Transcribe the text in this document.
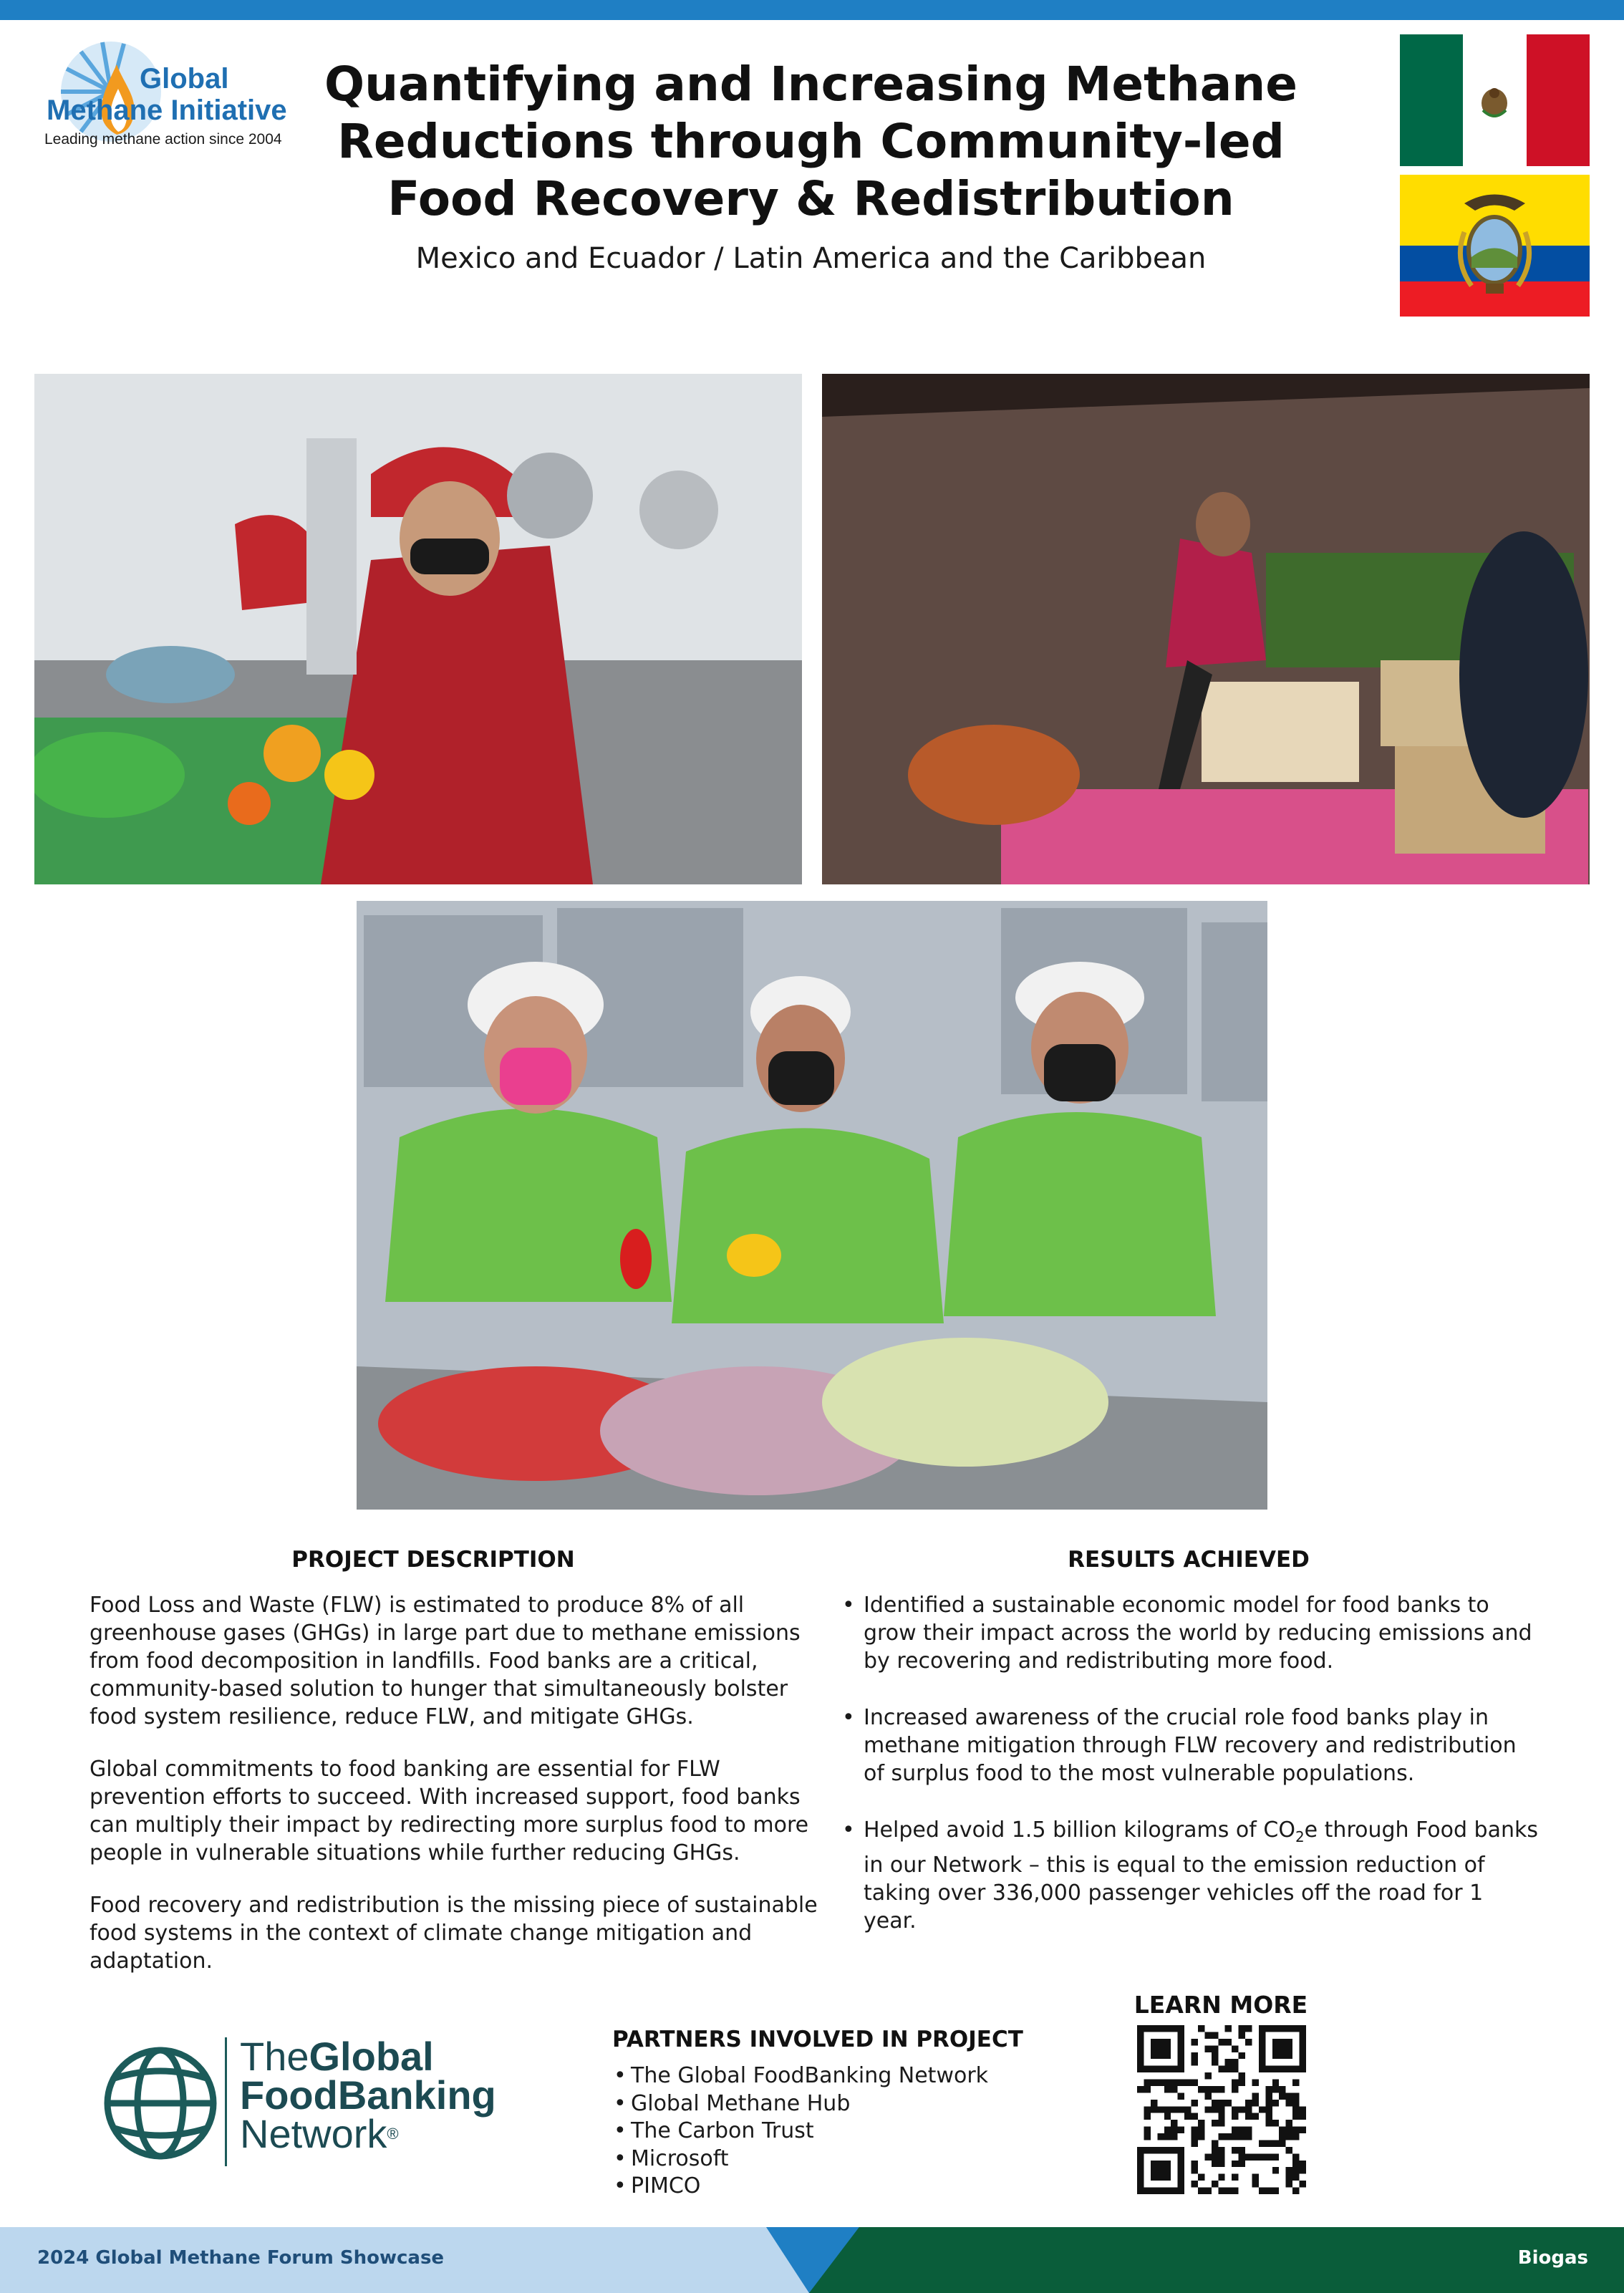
Global
Methane Initiative
Leading methane action since 2004
Quantifying and Increasing Methane
Reductions through Community-led
Food Recovery & Redistribution
Mexico and Ecuador / Latin America and the Caribbean
PROJECT DESCRIPTION

Food Loss and Waste (FLW) is estimated to produce 8% of all greenhouse gases (GHGs) in large part due to methane emissions from food decomposition in landfills. Food banks are a critical, community-based solution to hunger that simultaneously bolster food system resilience, reduce FLW, and mitigate GHGs.

Global commitments to food banking are essential for FLW prevention efforts to succeed. With increased support, food banks can multiply their impact by redirecting more surplus food to more people in vulnerable situations while further reducing GHGs.

Food recovery and redistribution is the missing piece of sustainable food systems in the context of climate change mitigation and adaptation.

RESULTS ACHIEVED
• Identified a sustainable economic model for food banks to grow their impact across the world by reducing emissions and by recovering and redistributing more food.
• Increased awareness of the crucial role food banks play in methane mitigation through FLW recovery and redistribution of surplus food to the most vulnerable populations.
• Helped avoid 1.5 billion kilograms of $CO_2e$ through Food banks in our Network – this is equal to the emission reduction of taking over 336,000 passenger vehicles off the road for 1 year.
TheGlobal
FoodBanking
Network®
PARTNERS INVOLVED IN PROJECT
• The Global FoodBanking Network
• Global Methane Hub
• The Carbon Trust
• Microsoft
• PIMCO
LEARN MORE
2024 Global Methane Forum Showcase	Biogas
